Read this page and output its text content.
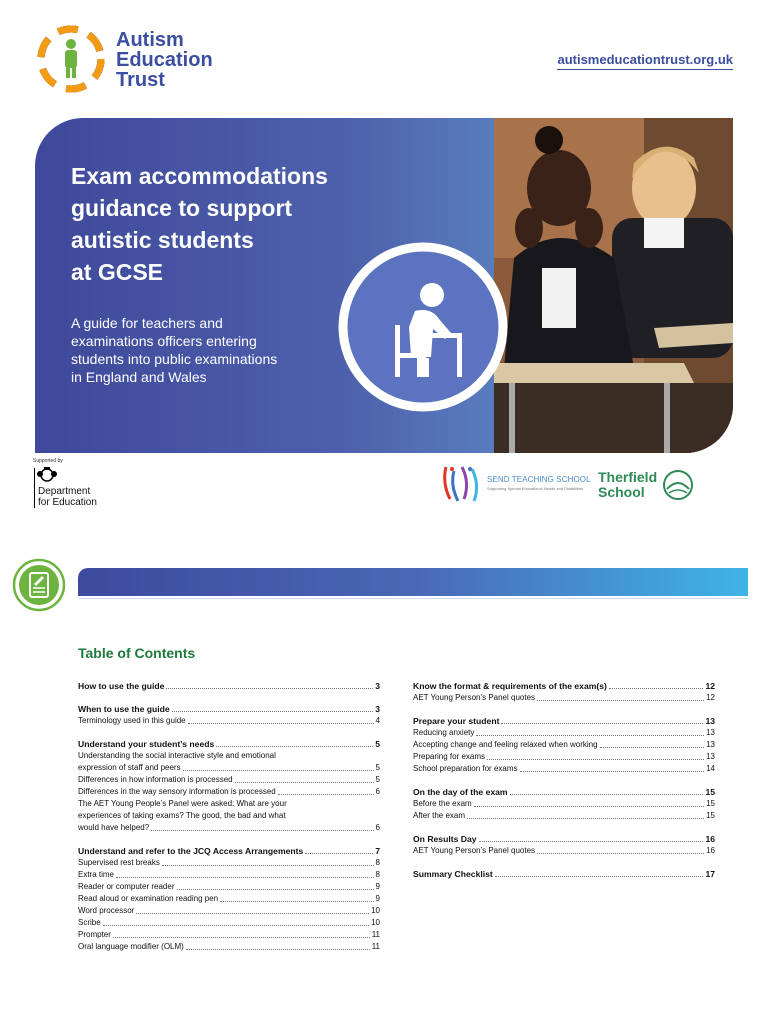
Autism
Education
Trust
autismeducationtrust.org.uk
Exam accommodations
guidance to support
autistic students
at GCSE
A guide for teachers and
examinations officers entering
students into public examinations
in England and Wales
Supported by
Department
for Education
SEND TEACHING SCHOOL
Supporting Special Educational Needs and Disabilities
Therfield
School
Table of Contents
How to use the guide	3
When to use the guide	3
Terminology used in this guide	4
Understand your student’s needs	5
Understanding the social interactive style and emotional
expression of staff and peers	5
Differences in how information is processed	5
Differences in the way sensory information is processed	6
The AET Young People’s Panel were asked: What are your
experiences of taking exams? The good, the bad and what
would have helped?	6
Understand and refer to the JCQ Access Arrangements	7
Supervised rest breaks	8
Extra time	8
Reader or computer reader	9
Read aloud or examination reading pen	9
Word processor	10
Scribe	10
Prompter	11
Oral language modifier (OLM)	11
Know the format & requirements of the exam(s)	12
AET Young Person’s Panel quotes	12
Prepare your student	13
Reducing anxiety	13
Accepting change and feeling relaxed when working	13
Preparing for exams	13
School preparation for exams	14
On the day of the exam	15
Before the exam	15
After the exam	15
On Results Day	16
AET Young Person’s Panel quotes	16
Summary Checklist	17
